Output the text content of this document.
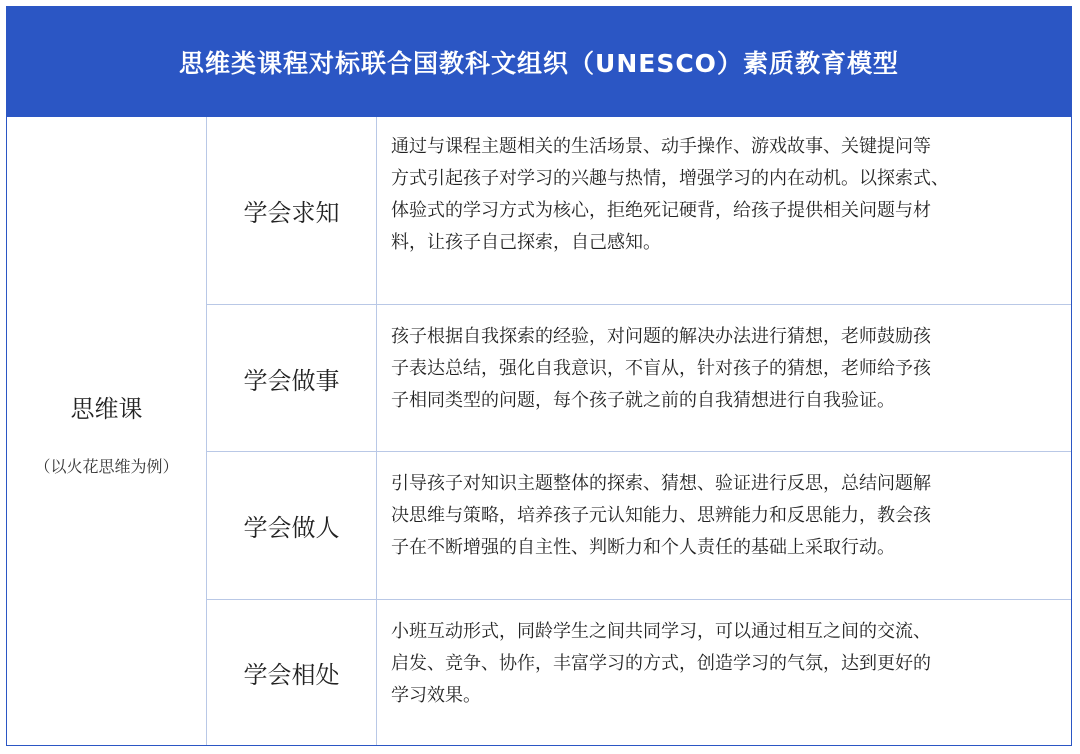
思维类课程对标联合国教科文组织（UNESCO）素质教育模型
思维课
（以火花思维为例）
学会求知
通过与课程主题相关的生活场景、动手操作、游戏故事、关键提问等
方式引起孩子对学习的兴趣与热情，增强学习的内在动机。以探索式、
体验式的学习方式为核心，拒绝死记硬背，给孩子提供相关问题与材
料，让孩子自己探索，自己感知。
学会做事
孩子根据自我探索的经验，对问题的解决办法进行猜想，老师鼓励孩
子表达总结，强化自我意识，不盲从，针对孩子的猜想，老师给予孩
子相同类型的问题，每个孩子就之前的自我猜想进行自我验证。
学会做人
引导孩子对知识主题整体的探索、猜想、验证进行反思，总结问题解
决思维与策略，培养孩子元认知能力、思辨能力和反思能力，教会孩
子在不断增强的自主性、判断力和个人责任的基础上采取行动。
学会相处
小班互动形式，同龄学生之间共同学习，可以通过相互之间的交流、
启发、竞争、协作，丰富学习的方式，创造学习的气氛，达到更好的
学习效果。
